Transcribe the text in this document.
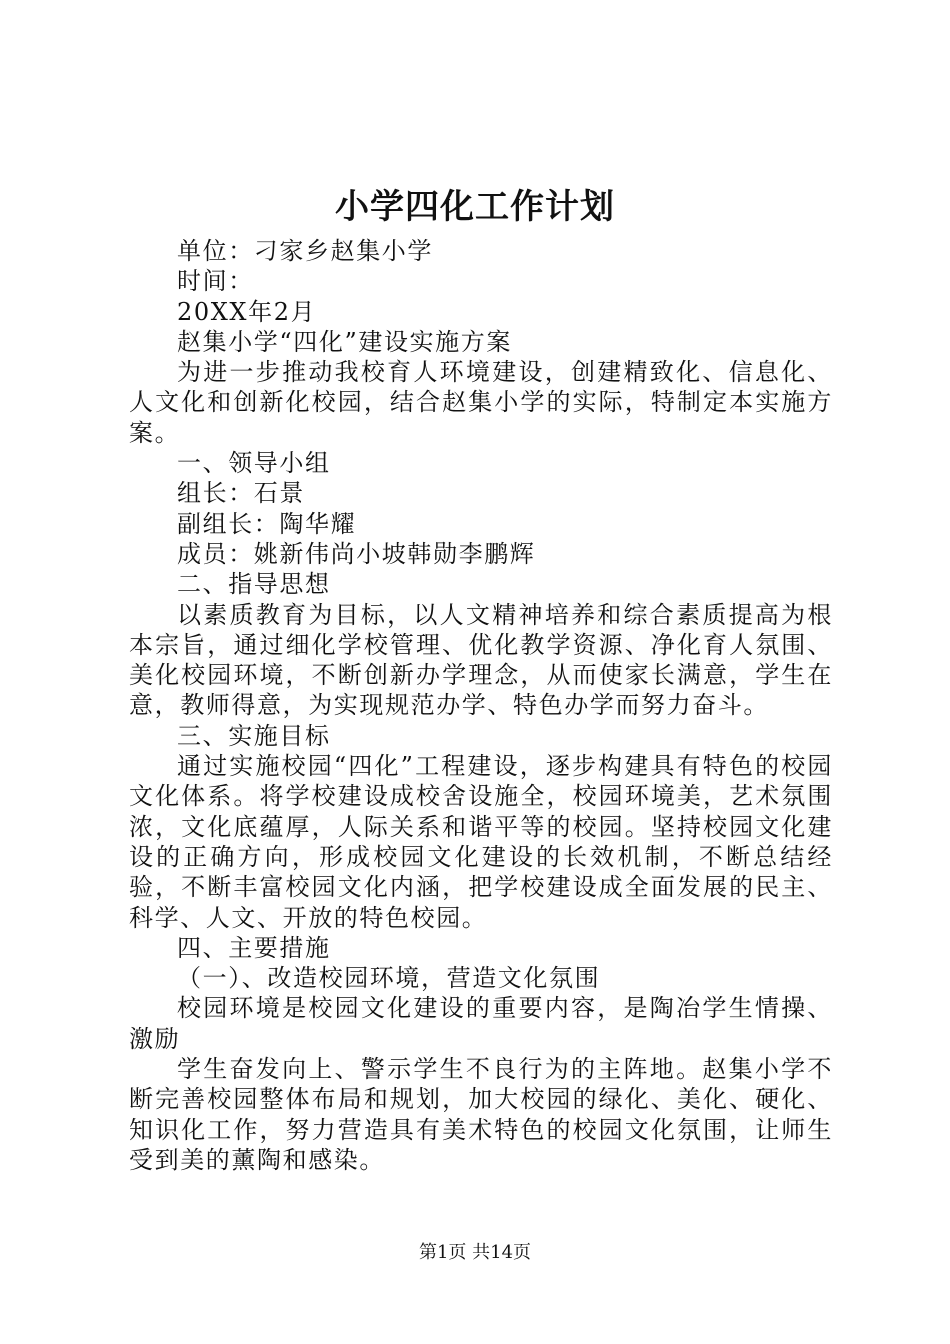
小学四化工作计划

单位：刁家乡赵集小学

时间：

20XX年2月

赵集小学“四化”建设实施方案

为进一步推动我校育人环境建设，创建精致化、信息化、人文化和创新化校园，结合赵集小学的实际，特制定本实施方案。

一、领导小组

组长：石景

副组长：陶华耀

成员：姚新伟尚小坡韩勋李鹏辉

二、指导思想

以素质教育为目标，以人文精神培养和综合素质提高为根本宗旨，通过细化学校管理、优化教学资源、净化育人氛围、美化校园环境，不断创新办学理念，从而使家长满意，学生在意，教师得意，为实现规范办学、特色办学而努力奋斗。

三、实施目标

通过实施校园“四化”工程建设，逐步构建具有特色的校园文化体系。将学校建设成校舍设施全，校园环境美，艺术氛围浓，文化底蕴厚，人际关系和谐平等的校园。坚持校园文化建设的正确方向，形成校园文化建设的长效机制，不断总结经验，不断丰富校园文化内涵，把学校建设成全面发展的民主、科学、人文、开放的特色校园。

四、主要措施

（一）、改造校园环境，营造文化氛围

校园环境是校园文化建设的重要内容，是陶冶学生情操、激励

学生奋发向上、警示学生不良行为的主阵地。赵集小学不断完善校园整体布局和规划，加大校园的绿化、美化、硬化、知识化工作，努力营造具有美术特色的校园文化氛围，让师生受到美的薰陶和感染。

第1页 共14页
